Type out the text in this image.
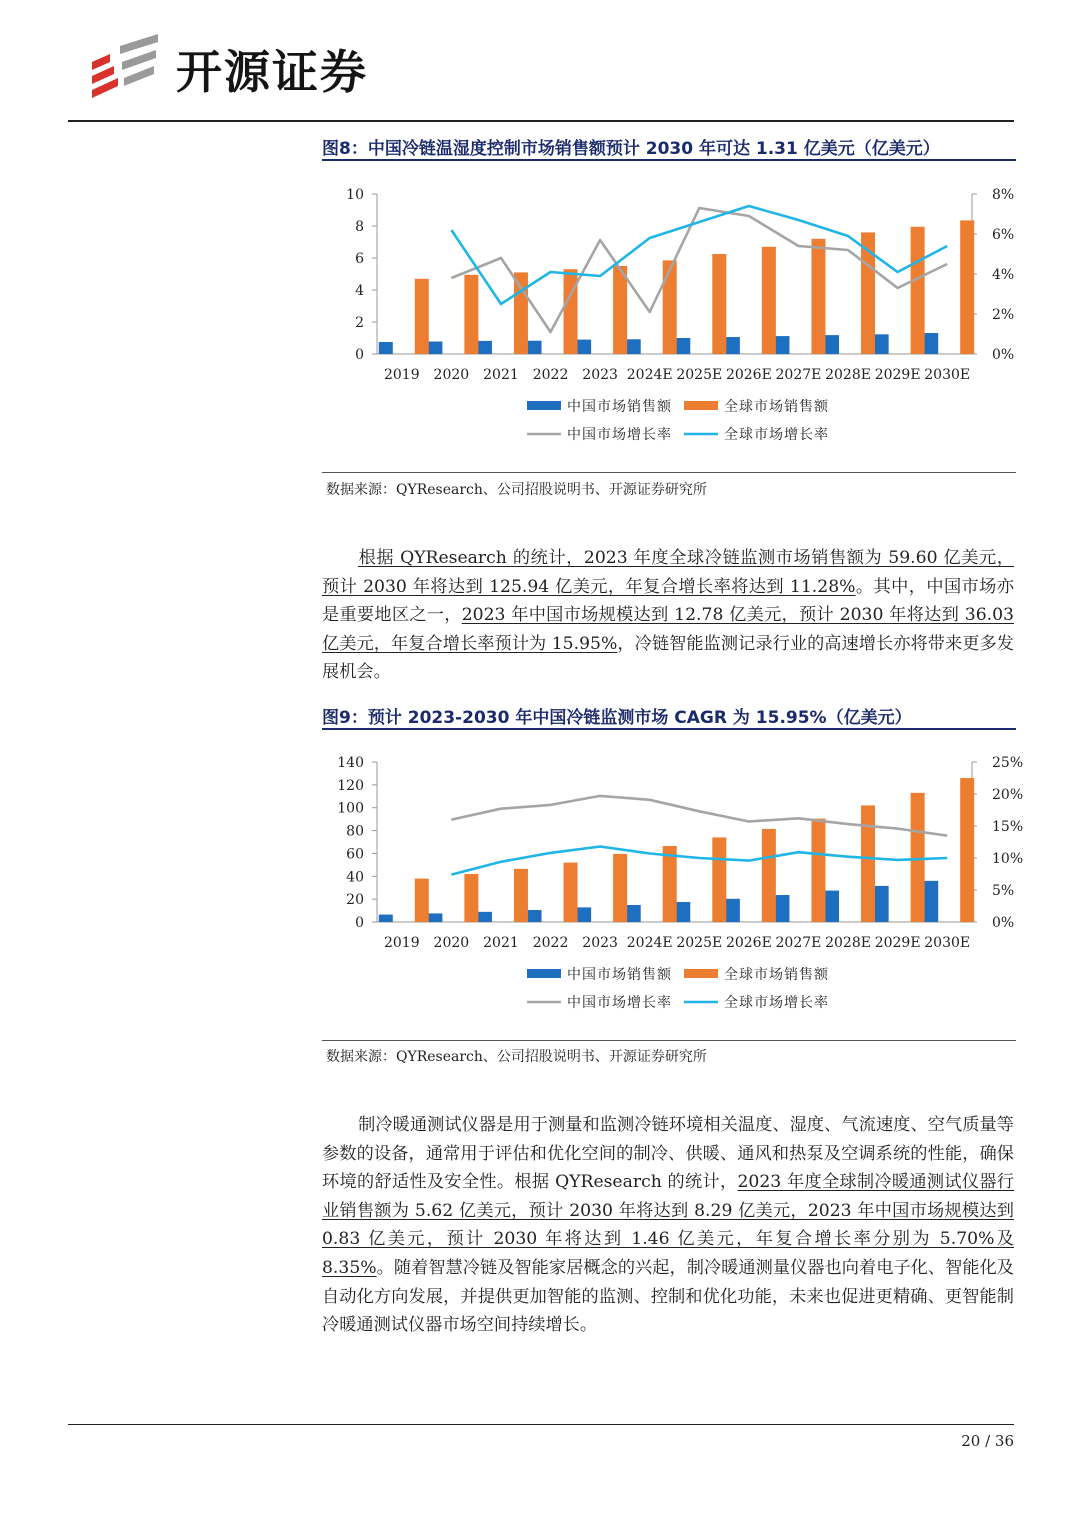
开源证券
图8：中国冷链温湿度控制市场销售额预计 2030 年可达 1.31 亿美元（亿美元）
0
2
4
6
8
10
0%
2%
4%
6%
8%
2019 2020 2021 2022 2023 2024E 2025E 2026E 2027E 2028E 2029E 2030E
中国市场销售额	全球市场销售额
中国市场增长率	全球市场增长率
数据来源：QYResearch、公司招股说明书、开源证券研究所
根据 QYResearch 的统计，2023 年度全球冷链监测市场销售额为 59.60 亿美元，预计 2030 年将达到 125.94 亿美元，年复合增长率将达到 11.28%。其中，中国市场亦是重要地区之一，2023 年中国市场规模达到 12.78 亿美元，预计 2030 年将达到 36.03 亿美元，年复合增长率预计为 15.95%，冷链智能监测记录行业的高速增长亦将带来更多发展机会。
图9：预计 2023-2030 年中国冷链监测市场 CAGR 为 15.95%（亿美元）
0
20
40
60
80
100
120
140
0%
5%
10%
15%
20%
25%
2019 2020 2021 2022 2023 2024E 2025E 2026E 2027E 2028E 2029E 2030E
中国市场销售额	全球市场销售额
中国市场增长率	全球市场增长率
数据来源：QYResearch、公司招股说明书、开源证券研究所
制冷暖通测试仪器是用于测量和监测冷链环境相关温度、湿度、气流速度、空气质量等参数的设备，通常用于评估和优化空间的制冷、供暖、通风和热泵及空调系统的性能，确保环境的舒适性及安全性。根据 QYResearch 的统计，2023 年度全球制冷暖通测试仪器行业销售额为 5.62 亿美元，预计 2030 年将达到 8.29 亿美元，2023 年中国市场规模达到 0.83 亿美元，预计 2030 年将达到 1.46 亿美元，年复合增长率分别为 5.70%及 8.35%。随着智慧冷链及智能家居概念的兴起，制冷暖通测量仪器也向着电子化、智能化及自动化方向发展，并提供更加智能的监测、控制和优化功能，未来也促进更精确、更智能制冷暖通测试仪器市场空间持续增长。
20 / 36
